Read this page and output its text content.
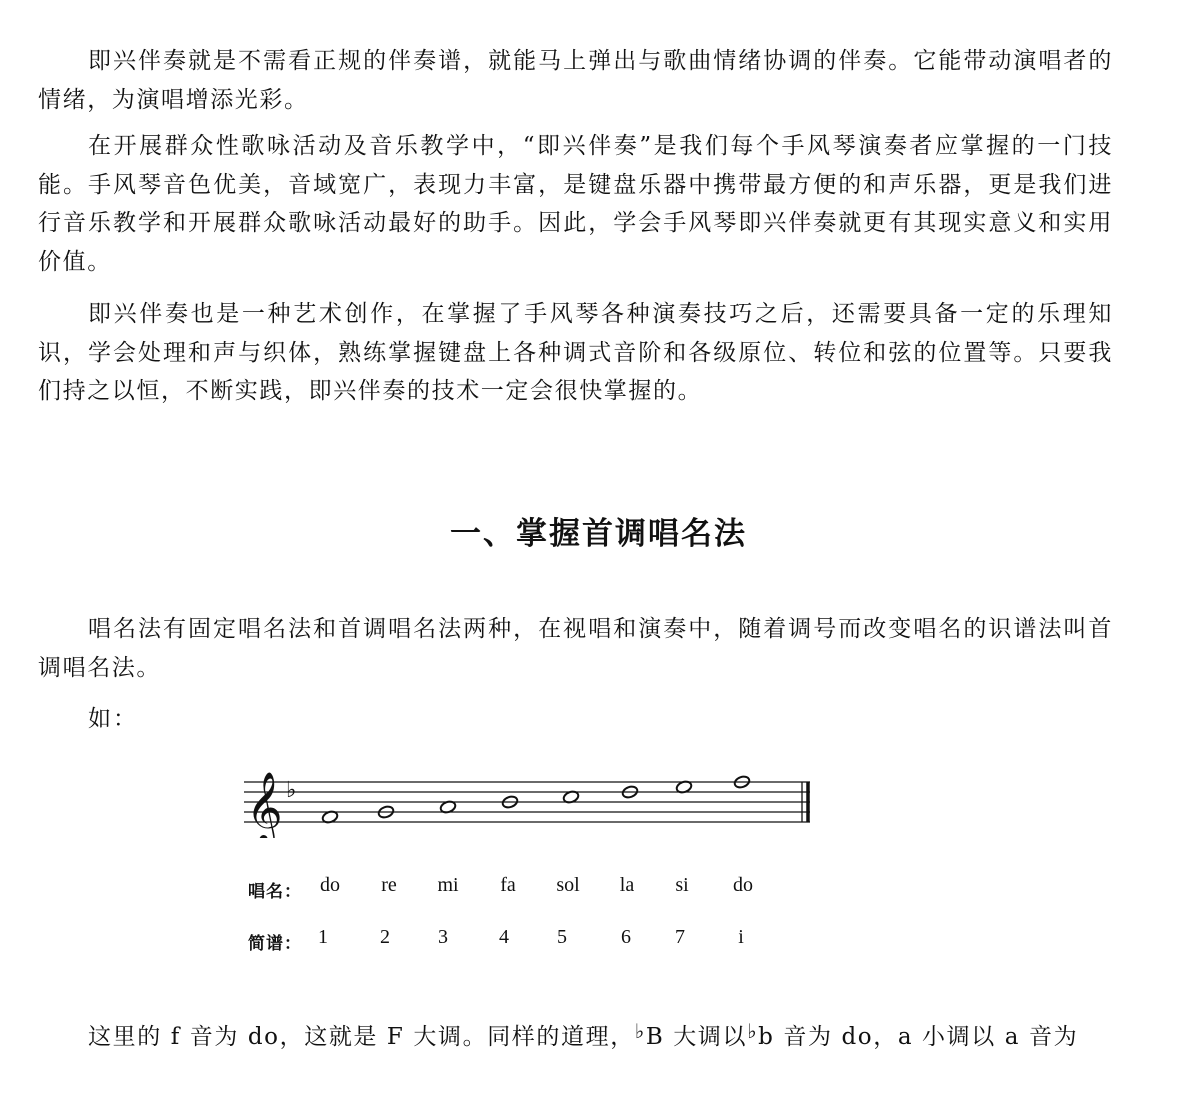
即兴伴奏就是不需看正规的伴奏谱，就能马上弹出与歌曲情绪协调的伴奏。它能带动演唱者的情绪，为演唱增添光彩。

在开展群众性歌咏活动及音乐教学中，“即兴伴奏”是我们每个手风琴演奏者应掌握的一门技能。手风琴音色优美，音域宽广，表现力丰富，是键盘乐器中携带最方便的和声乐器，更是我们进行音乐教学和开展群众歌咏活动最好的助手。因此，学会手风琴即兴伴奏就更有其现实意义和实用价值。

即兴伴奏也是一种艺术创作，在掌握了手风琴各种演奏技巧之后，还需要具备一定的乐理知识，学会处理和声与织体，熟练掌握键盘上各种调式音阶和各级原位、转位和弦的位置等。只要我们持之以恒，不断实践，即兴伴奏的技术一定会很快掌握的。

一、掌握首调唱名法

唱名法有固定唱名法和首调唱名法两种，在视唱和演奏中，随着调号而改变唱名的识谱法叫首调唱名法。

如：
𝄞 ♭
唱名： do	re	mi	fa	sol	la	si	do
简谱： 1	2 3	4 5	6 7	i
这里的 f 音为 do，这就是 F 大调。同样的道理，♭B 大调以♭b 音为 do，a 小调以 a 音为
